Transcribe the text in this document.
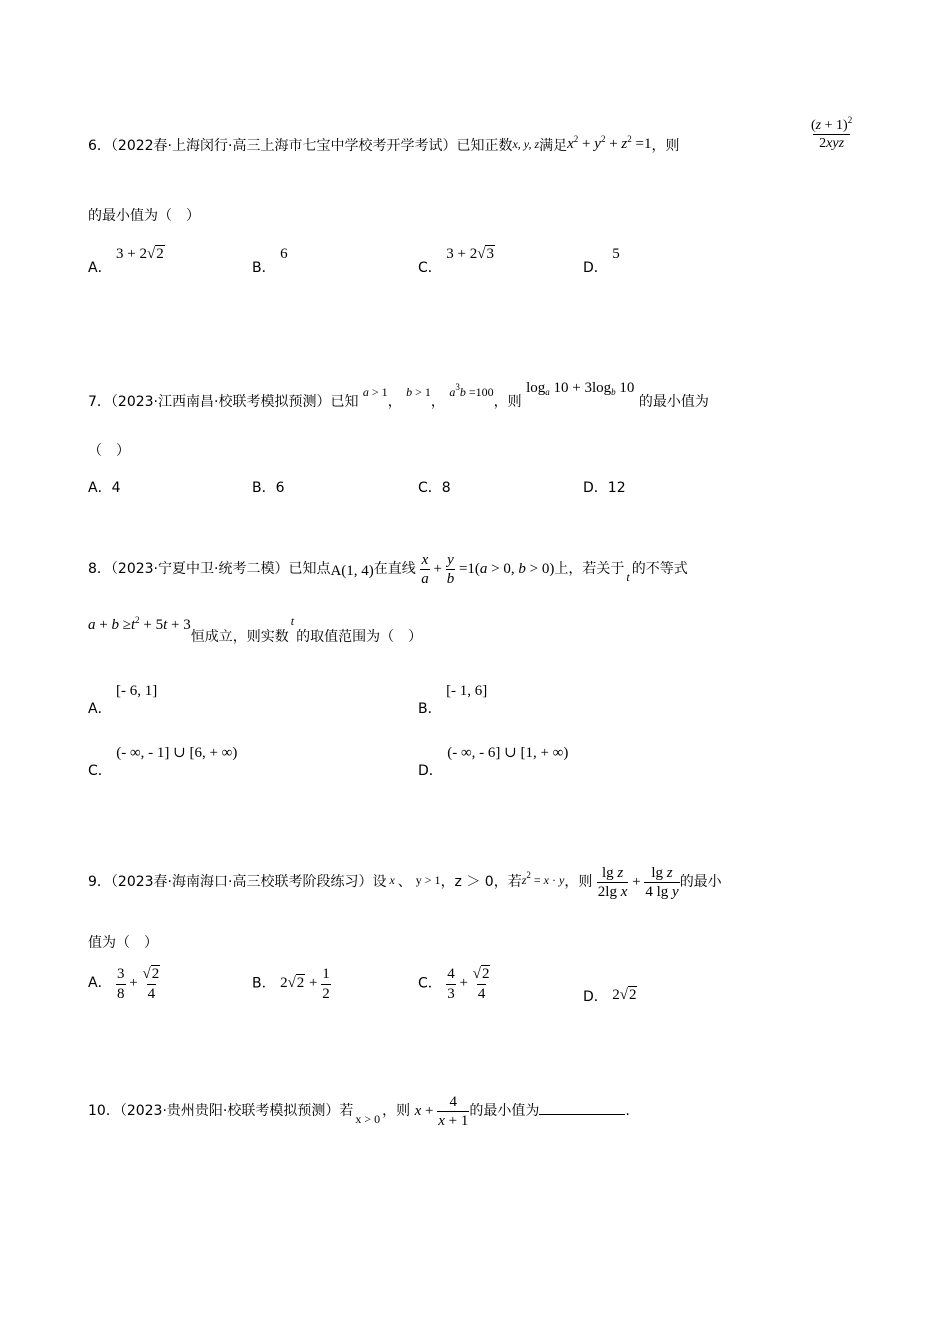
6．（2022春·上海闵行·高三上海市七宝中学校考开学考试）已知正数x, y, z满足$x^2 + y^2 + z^2 =1$，则	$\frac{(z + 1)^2}{\text{2xyz}}$
的最小值为（　）
A． 3 + 2√2
B． 6
C． 3 + 2√3
D． 5
7．（2023·江西南昌·校联考模拟预测）已知 a > 1， b > 1， $a^3b =100$，则 $\log_a 10 + 3\log_b$ 10 的最小值为
（　）
A．4	B．6	C．8	D．12
8．（2023·宁夏中卫·统考二模）已知点A(1, 4)在直线 $\frac{x}{a} + \frac{y}{b} =1(a > 0$, b > 0)上，若关于 t 的不等式
$a + b \ge t^2 + 5t + 3$恒成立，则实数t的取值范围为（　）
A． [- 6, 1]
B． [- 1, 6]
C． (- ∞, - 1] ∪ [6, + ∞)
D． (- ∞, - 6] ∪ [1, + ∞)
9．（2023春·海南海口·高三校联考阶段练习）设 x 、 y > 1，z ＞ 0，若$z^2 = x \cdot y$，则 $\frac{\text{lg z}}{\text{2lg x}} + \frac{\text{lg z}}{\text{4 lg y}}$ 的最小
值为（　）
A． $\frac{3}{8} + \frac{√2}{4}$	B． $2√2 + \frac{1}{2}$	C． $\frac{4}{3} + \frac{√2}{4}$	D． 2√2
10．（2023·贵州贵阳·校联考模拟预测）若 x > 0 ，则 $x + \frac{4}{x + 1}$ 的最小值为	.
